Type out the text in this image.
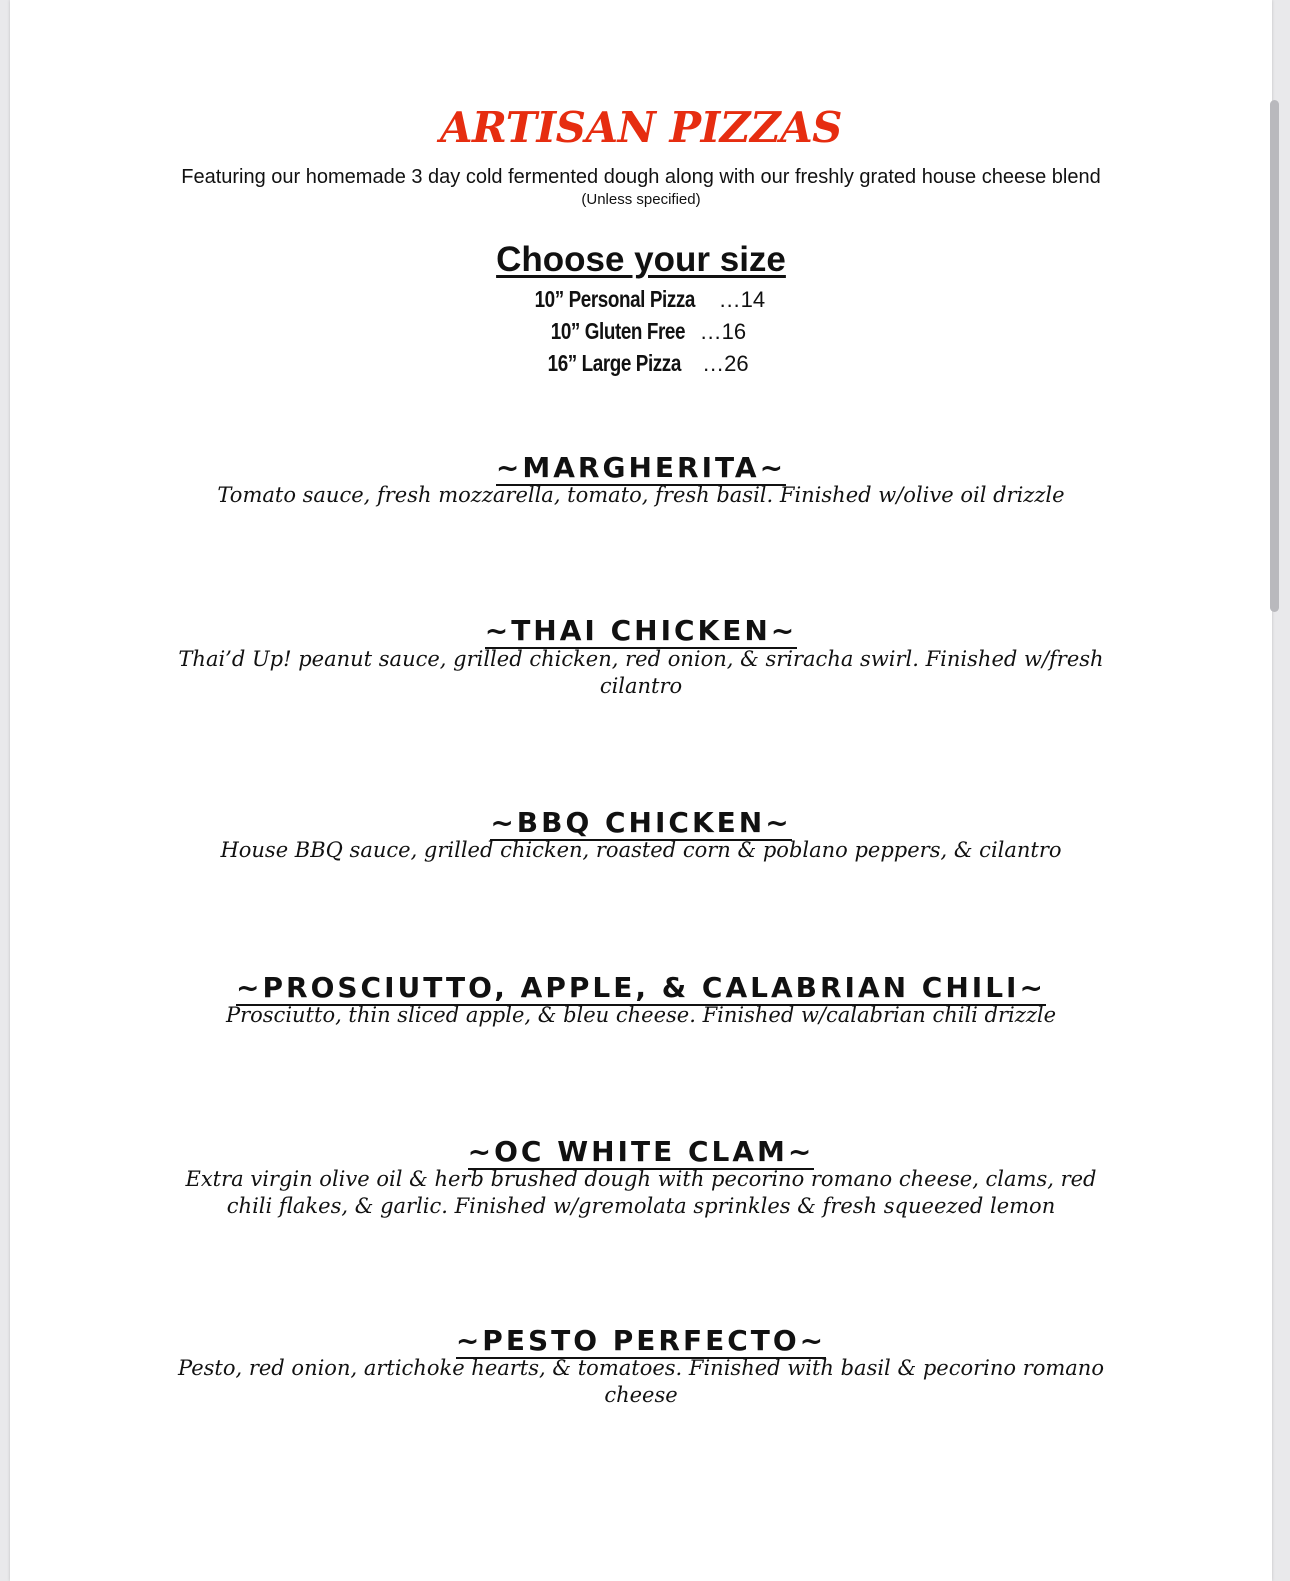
ARTISAN PIZZAS
Featuring our homemade 3 day cold fermented dough along with our freshly grated house cheese blend
(Unless specified)
Choose your size
10” Personal Pizza …14
10” Gluten Free …16
16” Large Pizza …26
~MARGHERITA~
Tomato sauce, fresh mozzarella, tomato, fresh basil. Finished w/olive oil drizzle
~THAI CHICKEN~
Thai’d Up! peanut sauce, grilled chicken, red onion, & sriracha swirl. Finished w/fresh cilantro
~BBQ CHICKEN~
House BBQ sauce, grilled chicken, roasted corn & poblano peppers, & cilantro
~PROSCIUTTO, APPLE, & CALABRIAN CHILI~
Prosciutto, thin sliced apple, & bleu cheese. Finished w/calabrian chili drizzle
~OC WHITE CLAM~
Extra virgin olive oil & herb brushed dough with pecorino romano cheese, clams, red chili flakes, & garlic. Finished w/gremolata sprinkles & fresh squeezed lemon
~PESTO PERFECTO~
Pesto, red onion, artichoke hearts, & tomatoes. Finished with basil & pecorino romano cheese
